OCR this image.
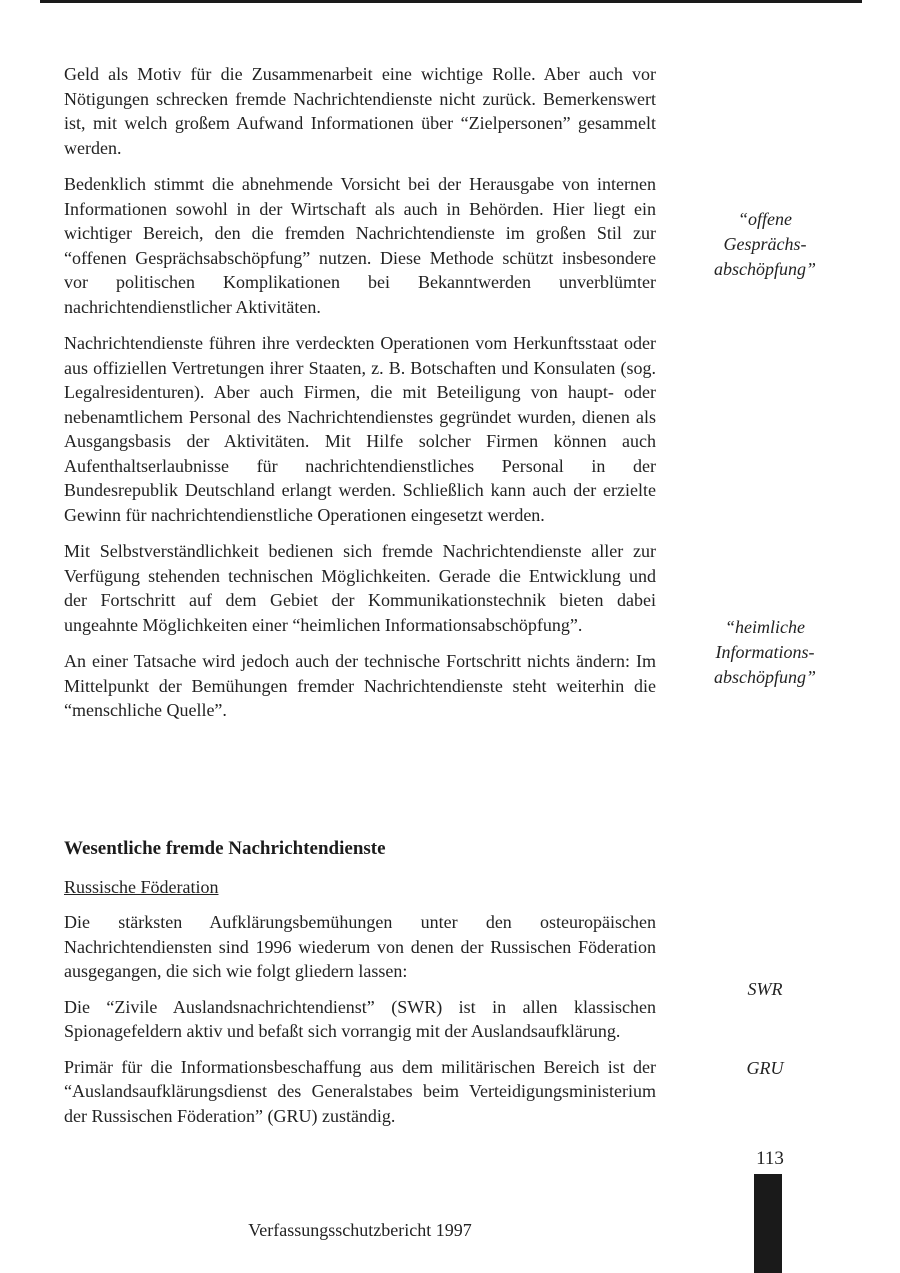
Geld als Motiv für die Zusammenarbeit eine wichtige Rolle. Aber auch vor Nötigungen schrecken fremde Nachrichtendienste nicht zurück. Bemerkenswert ist, mit welch großem Aufwand Informationen über “Zielpersonen” gesammelt werden.

Bedenklich stimmt die abnehmende Vorsicht bei der Herausgabe von internen Informationen sowohl in der Wirtschaft als auch in Behörden. Hier liegt ein wichtiger Bereich, den die fremden Nachrichtendienste im großen Stil zur “offenen Gesprächsabschöpfung” nutzen. Diese Methode schützt insbesondere vor politischen Komplikationen bei Bekanntwerden unverblümter nachrichtendienstlicher Aktivitäten.

Nachrichtendienste führen ihre verdeckten Operationen vom Herkunftsstaat oder aus offiziellen Vertretungen ihrer Staaten, z. B. Botschaften und Konsulaten (sog. Legalresidenturen). Aber auch Firmen, die mit Beteiligung von haupt- oder nebenamtlichem Personal des Nachrichtendienstes gegründet wurden, dienen als Ausgangsbasis der Aktivitäten. Mit Hilfe solcher Firmen können auch Aufenthaltserlaubnisse für nachrichtendienstliches Personal in der Bundesrepublik Deutschland erlangt werden. Schließlich kann auch der erzielte Gewinn für nachrichtendienstliche Operationen eingesetzt werden.

Mit Selbstverständlichkeit bedienen sich fremde Nachrichtendienste aller zur Verfügung stehenden technischen Möglichkeiten. Gerade die Entwicklung und der Fortschritt auf dem Gebiet der Kommunikationstechnik bieten dabei ungeahnte Möglichkeiten einer “heimlichen Informationsabschöpfung”.

An einer Tatsache wird jedoch auch der technische Fortschritt nichts ändern: Im Mittelpunkt der Bemühungen fremder Nachrichtendienste steht weiterhin die “menschliche Quelle”.

Wesentliche fremde Nachrichtendienste
Russische Föderation

Die stärksten Aufklärungsbemühungen unter den osteuropäischen Nachrichtendiensten sind 1996 wiederum von denen der Russischen Föderation ausgegangen, die sich wie folgt gliedern lassen:

Die “Zivile Auslandsnachrichtendienst” (SWR) ist in allen klassischen Spionagefeldern aktiv und befaßt sich vorrangig mit der Auslandsaufklärung.

Primär für die Informationsbeschaffung aus dem militärischen Bereich ist der “Auslandsaufklärungsdienst des Generalstabes beim Verteidigungsministerium der Russischen Föderation” (GRU) zuständig.

“offene
Gesprächs-
abschöpfung”
“heimliche
Informations-
abschöpfung”
SWR
GRU
113
Verfassungsschutzbericht 1997
